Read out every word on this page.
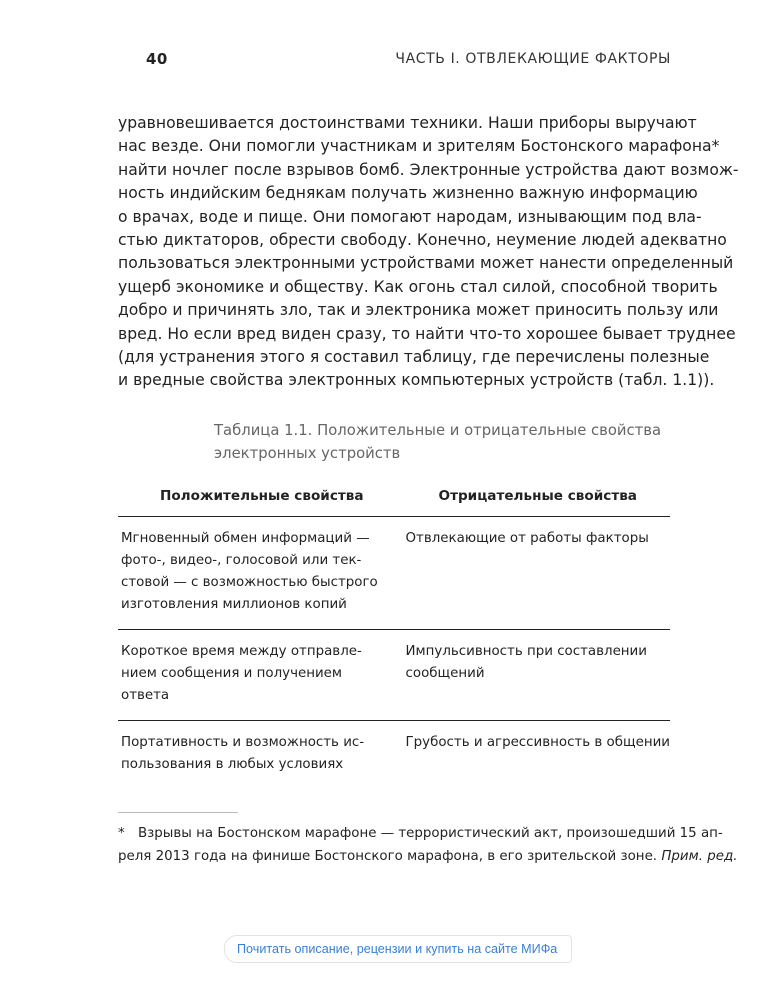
40	ЧАСТЬ I. ОТВЛЕКАЮЩИЕ ФАКТОРЫ
уравновешивается достоинствами техники. Наши приборы выручают
нас везде. Они помогли участникам и зрителям Бостонского марафона*
найти ночлег после взрывов бомб. Электронные устройства дают возмож-
ность индийским беднякам получать жизненно важную информацию
о врачах, воде и пище. Они помогают народам, изнывающим под вла-
стью диктаторов, обрести свободу. Конечно, неумение людей адекватно
пользоваться электронными устройствами может нанести определенный
ущерб экономике и обществу. Как огонь стал силой, способной творить
добро и причинять зло, так и электроника может приносить пользу или
вред. Но если вред виден сразу, то найти что-то хорошее бывает труднее
(для устранения этого я составил таблицу, где перечислены полезные
и вредные свойства электронных компьютерных устройств (табл. 1.1)).
Таблица 1.1. Положительные и отрицательные свойства
электронных устройств
Положительные свойства	Отрицательные свойства

Мгновенный обмен информаций —
фото-, видео-, голосовой или тек-
стовой — с возможностью быстрого
изготовления миллионов копий	Отвлекающие от работы факторы

Короткое время между отправле-
нием сообщения и получением
ответа	Импульсивность при составлении
сообщений

Портативность и возможность ис-
пользования в любых условиях	Грубость и агрессивность в общении
* Взрывы на Бостонском марафоне — террористический акт, произошедший 15 ап-
реля 2013 года на финише Бостонского марафона, в его зрительской зоне. Прим. ред.
Почитать описание, рецензии и купить на сайте МИФа
